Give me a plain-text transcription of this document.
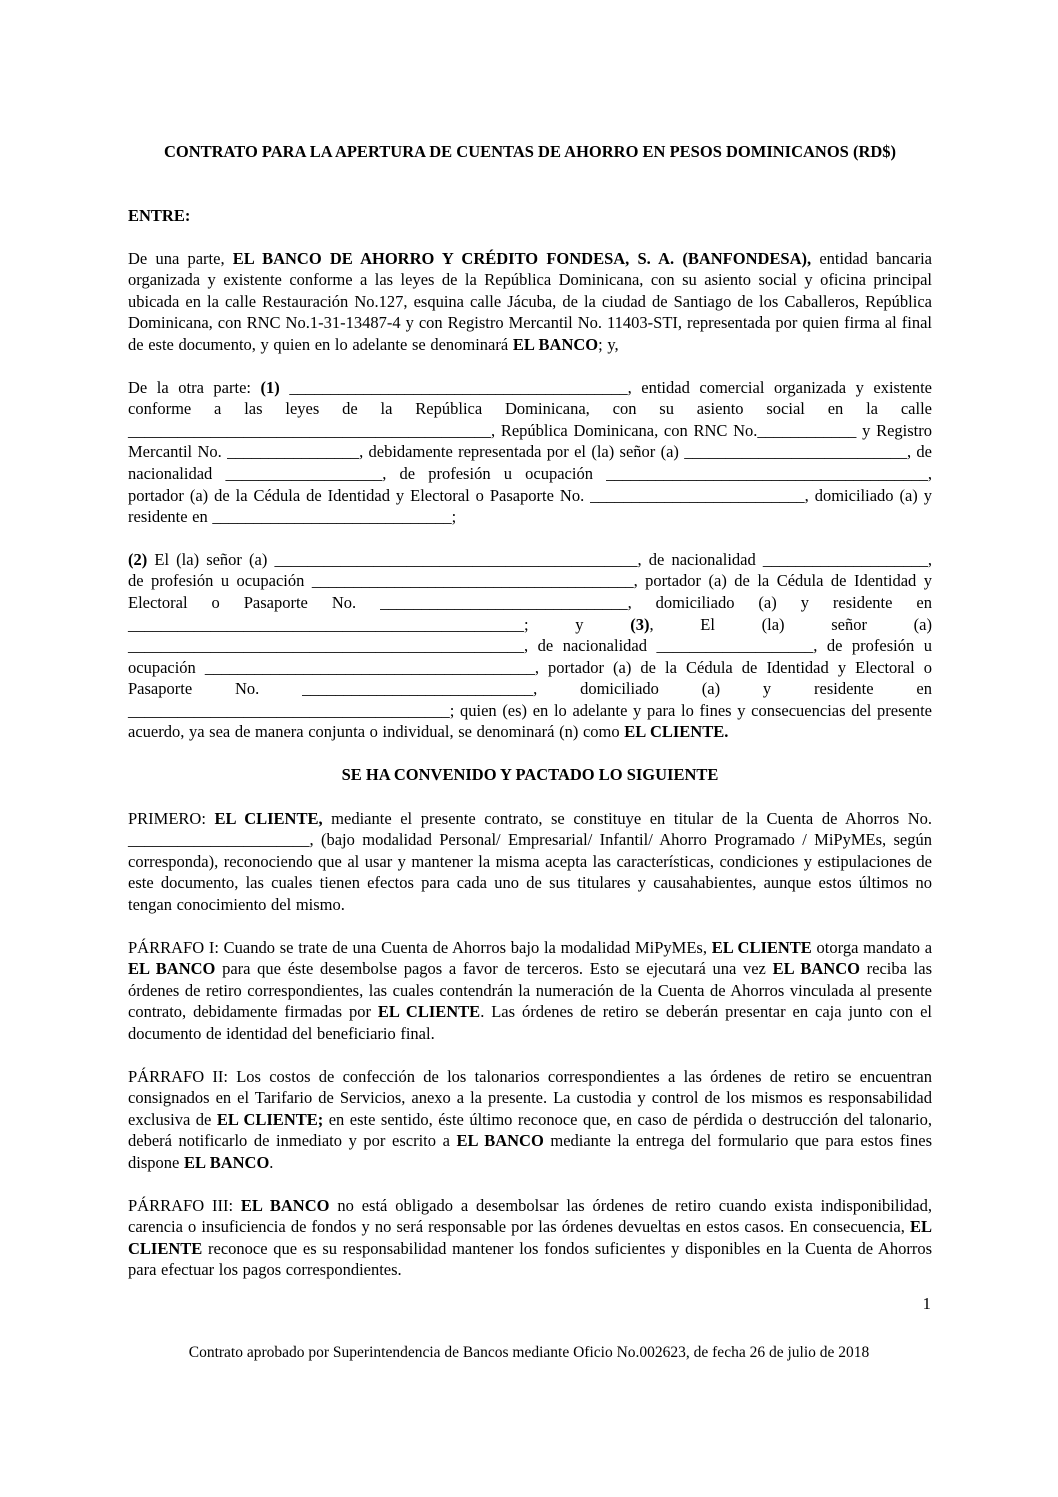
CONTRATO PARA LA APERTURA DE CUENTAS DE AHORRO EN PESOS DOMINICANOS (RD$)

ENTRE:

De una parte, EL BANCO DE AHORRO Y CRÉDITO FONDESA, S. A. (BANFONDESA), entidad bancaria organizada y existente conforme a las leyes de la República Dominicana, con su asiento social y oficina principal ubicada en la calle Restauración No.127, esquina calle Jácuba, de la ciudad de Santiago de los Caballeros, República Dominicana, con RNC No.1-31-13487-4 y con Registro Mercantil No. 11403-STI, representada por quien firma al final de este documento, y quien en lo adelante se denominará EL BANCO; y,

De la otra parte: (1) _________________________________________, entidad comercial organizada y existente conforme a las leyes de la República Dominicana, con su asiento social en la calle ____________________________________________, República Dominicana, con RNC No.____________ y Registro Mercantil No. ________________, debidamente representada por el (la) señor (a) ___________________________, de nacionalidad ___________________, de profesión u ocupación _______________________________________, portador (a) de la Cédula de Identidad y Electoral o Pasaporte No. __________________________, domiciliado (a) y residente en _____________________________;

(2) El (la) señor (a) ____________________________________________, de nacionalidad ____________________, de profesión u ocupación _______________________________________, portador (a) de la Cédula de Identidad y Electoral o Pasaporte No. ______________________________, domiciliado (a) y residente en ________________________________________________; y (3), El (la) señor (a) ________________________________________________, de nacionalidad ___________________, de profesión u ocupación ________________________________________, portador (a) de la Cédula de Identidad y Electoral o Pasaporte No. ____________________________, domiciliado (a) y residente en _______________________________________; quien (es) en lo adelante y para lo fines y consecuencias del presente acuerdo, ya sea de manera conjunta o individual, se denominará (n) como EL CLIENTE.

SE HA CONVENIDO Y PACTADO LO SIGUIENTE

PRIMERO: EL CLIENTE, mediante el presente contrato, se constituye en titular de la Cuenta de Ahorros No. ______________________, (bajo modalidad Personal/ Empresarial/ Infantil/ Ahorro Programado / MiPyMEs, según corresponda), reconociendo que al usar y mantener la misma acepta las características, condiciones y estipulaciones de este documento, las cuales tienen efectos para cada uno de sus titulares y causahabientes, aunque estos últimos no tengan conocimiento del mismo.

PÁRRAFO I: Cuando se trate de una Cuenta de Ahorros bajo la modalidad MiPyMEs, EL CLIENTE otorga mandato a EL BANCO para que éste desembolse pagos a favor de terceros. Esto se ejecutará una vez EL BANCO reciba las órdenes de retiro correspondientes, las cuales contendrán la numeración de la Cuenta de Ahorros vinculada al presente contrato, debidamente firmadas por EL CLIENTE. Las órdenes de retiro se deberán presentar en caja junto con el documento de identidad del beneficiario final.

PÁRRAFO II: Los costos de confección de los talonarios correspondientes a las órdenes de retiro se encuentran consignados en el Tarifario de Servicios, anexo a la presente. La custodia y control de los mismos es responsabilidad exclusiva de EL CLIENTE; en este sentido, éste último reconoce que, en caso de pérdida o destrucción del talonario, deberá notificarlo de inmediato y por escrito a EL BANCO mediante la entrega del formulario que para estos fines dispone EL BANCO.

PÁRRAFO III: EL BANCO no está obligado a desembolsar las órdenes de retiro cuando exista indisponibilidad, carencia o insuficiencia de fondos y no será responsable por las órdenes devueltas en estos casos. En consecuencia, EL CLIENTE reconoce que es su responsabilidad mantener los fondos suficientes y disponibles en la Cuenta de Ahorros para efectuar los pagos correspondientes.

1
Contrato aprobado por Superintendencia de Bancos mediante Oficio No.002623, de fecha 26 de julio de 2018
